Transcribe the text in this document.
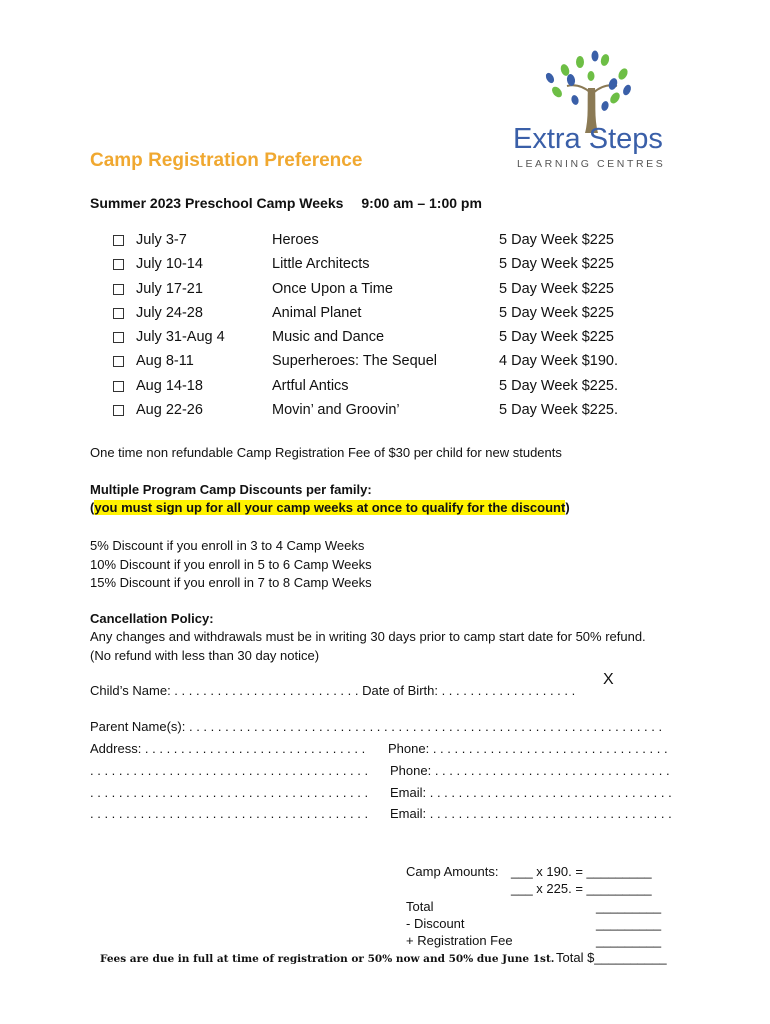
Extra Steps
LEARNING CENTRES
Camp Registration Preference
Summer 2023 Preschool Camp Weeks 9:00 am – 1:00 pm
July 3-7	Heroes	5 Day Week $225
July 10-14	Little Architects	5 Day Week $225
July 17-21	Once Upon a Time	5 Day Week $225
July 24-28	Animal Planet	5 Day Week $225
July 31-Aug 4	Music and Dance	5 Day Week $225
Aug 8-11	Superheroes: The Sequel	4 Day Week $190.
Aug 14-18	Artful Antics	5 Day Week $225.
Aug 22-26	Movin’ and Groovin’	5 Day Week $225.
One time non refundable Camp Registration Fee of $30 per child for new students
Multiple Program Camp Discounts per family:
(you must sign up for all your camp weeks at once to qualify for the discount)
5% Discount if you enroll in 3 to 4 Camp Weeks
10% Discount if you enroll in 5 to 6 Camp Weeks
15% Discount if you enroll in 7 to 8 Camp Weeks
Cancellation Policy:
Any changes and withdrawals must be in writing 30 days prior to camp start date for 50% refund. (No refund with less than 30 day notice)
X
Child’s Name: . . . . . . . . . . . . . . . . . . . . . . . . . . Date of Birth: . . . . . . . . . . . . . . . . . . .
Parent Name(s): . . . . . . . . . . . . . . . . . . . . . . . . . . . . . . . . . . . . . . . . . . . . . . . . . . . . . . . . . . . . . . . . . .
Address: . . . . . . . . . . . . . . . . . . . . . . . . . . . . . . .
. . . . . . . . . . . . . . . . . . . . . . . . . . . . . . . . . . . . . . .
. . . . . . . . . . . . . . . . . . . . . . . . . . . . . . . . . . . . . . .
. . . . . . . . . . . . . . . . . . . . . . . . . . . . . . . . . . . . . . .
Phone: . . . . . . . . . . . . . . . . . . . . . . . . . . . . . . . . .
Phone: . . . . . . . . . . . . . . . . . . . . . . . . . . . . . . . . .
Email: . . . . . . . . . . . . . . . . . . . . . . . . . . . . . . . . . .
Email: . . . . . . . . . . . . . . . . . . . . . . . . . . . . . . . . . .
Camp Amounts: ___ x 190. = _________
___ x 225. = _________
Total	_________
- Discount	_________
+ Registration Fee	_________
Fees are due in full at time of registration or 50% now and 50% due June 1st. Total $__________
